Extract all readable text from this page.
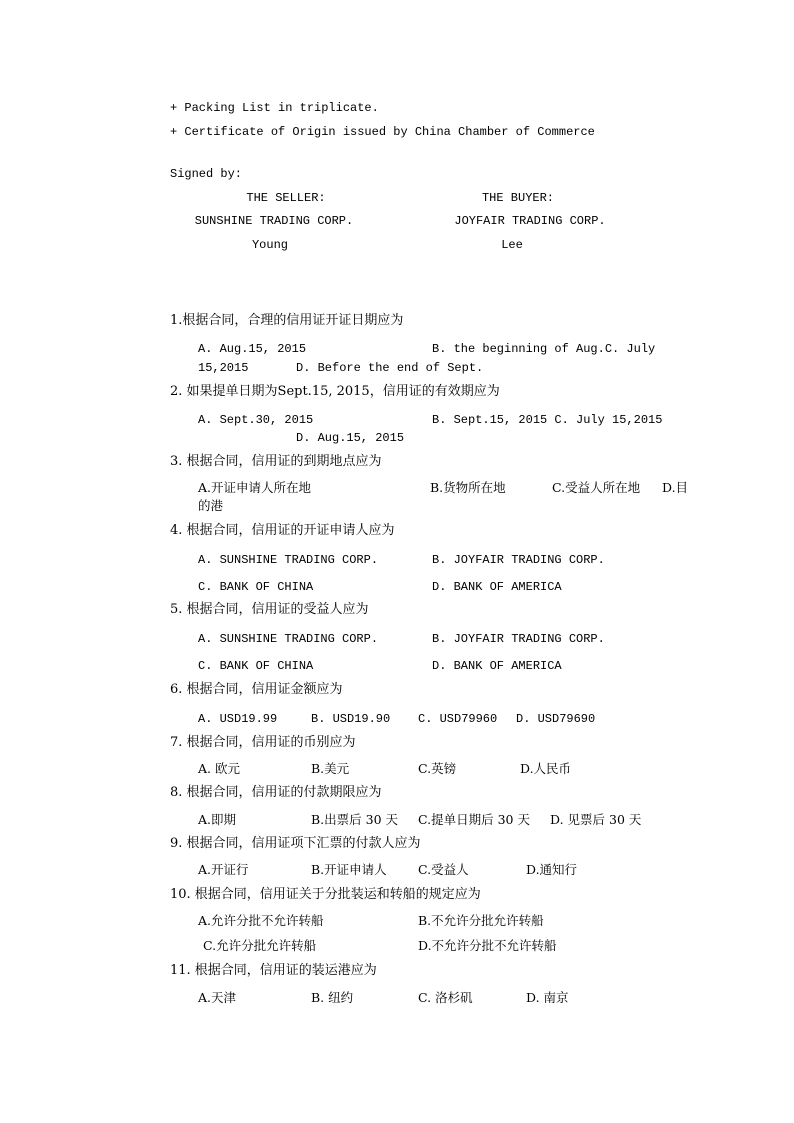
+ Packing List in triplicate.
+ Certificate of Origin issued by China Chamber of Commerce
Signed by:
THE SELLER:	THE BUYER:
SUNSHINE TRADING CORP.	JOYFAIR TRADING CORP.
Young	Lee
1.根据合同，合理的信用证开证日期应为
A. Aug.15, 2015	B. the beginning of Aug.C. July
15,2015	D. Before the end of Sept.
2. 如果提单日期为Sept.15, 2015，信用证的有效期应为
A. Sept.30, 2015	B. Sept.15, 2015 C. July 15,2015
D. Aug.15, 2015
3. 根据合同，信用证的到期地点应为
A.开证申请人所在地	B.货物所在地	C.受益人所在地 D.目
的港
4. 根据合同，信用证的开证申请人应为
A. SUNSHINE TRADING CORP.	B. JOYFAIR TRADING CORP.
C. BANK OF CHINA	D. BANK OF AMERICA
5. 根据合同，信用证的受益人应为
A. SUNSHINE TRADING CORP.	B. JOYFAIR TRADING CORP.
C. BANK OF CHINA	D. BANK OF AMERICA
6. 根据合同，信用证金额应为
A. USD19.99	B. USD19.90 C. USD79960 D. USD79690
7. 根据合同，信用证的币别应为
A. 欧元	B.美元	C.英镑	D.人民币
8. 根据合同，信用证的付款期限应为
A.即期	B.出票后 30 天 C.提单日期后 30 天 D. 见票后 30 天
9. 根据合同，信用证项下汇票的付款人应为
A.开证行	B.开证申请人	C.受益人	D.通知行
10. 根据合同，信用证关于分批装运和转船的规定应为
A.允许分批不允许转船	B.不允许分批允许转船
C.允许分批允许转船	D.不允许分批不允许转船
11. 根据合同，信用证的装运港应为
A.天津	B. 纽约	C. 洛杉矶	D. 南京
